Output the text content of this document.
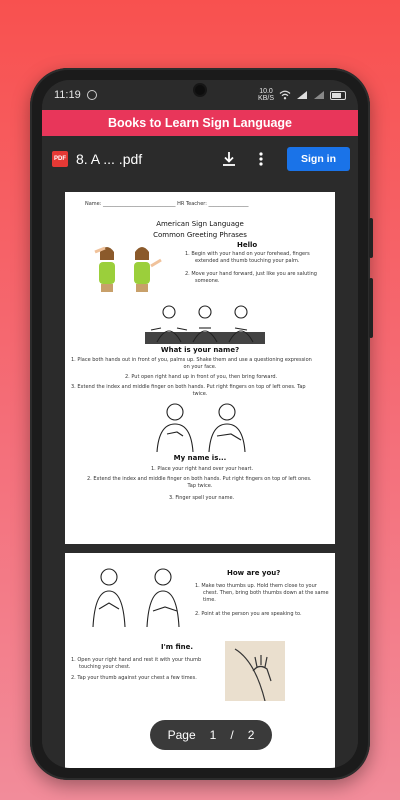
11:19	10.0
KB/S
Books to Learn Sign Language
PDF 8. A ... .pdf	Sign in
Name: _____________________________ HR Teacher: ________________
American Sign Language
Common Greeting Phrases
Hello
1. Begin with your hand on your forehead, fingers
extended and thumb touching your palm.
2. Move your hand forward, just like you are saluting
someone.
What is your name?
1. Place both hands out in front of you, palms up. Shake them and use a questioning expression
on your face.
2. Put open right hand up in front of you, then bring forward.
3. Extend the index and middle finger on both hands. Put right fingers on top of left ones. Tap
twice.
My name is...
1. Place your right hand over your heart.
2. Extend the index and middle finger on both hands. Put right fingers on top of left ones.
Tap twice.
3. Finger spell your name.
How are you?
1. Make two thumbs up. Hold them close to your
chest. Then, bring both thumbs down at the same
time.
2. Point at the person you are speaking to.
I'm fine.
1. Open your right hand and rest it with your thumb
touching your chest.
2. Tap your thumb against your chest a few times.
Page 1 / 2
